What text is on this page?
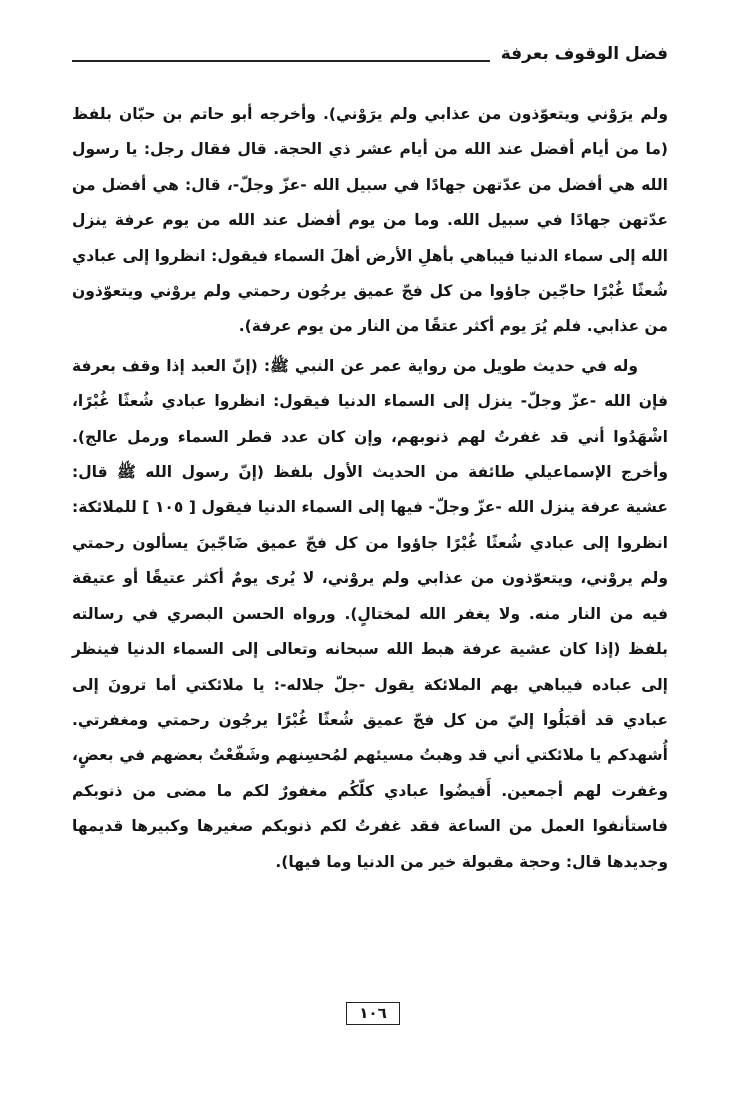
فضل الوقوف بعرفة

ولم يرَوْني ويتعوّذون من عذابي ولم يرَوْني). وأخرجه أبو حاتم بن حبّان بلفظ (ما من أيام أفضل عند الله من أيام عشر ذي الحجة. قال فقال رجل: يا رسول الله هي أفضل من عدّتهن جهادًا في سبيل الله -عزّ وجلّ-، قال: هي أفضل من عدّتهن جهادًا في سبيل الله. وما من يوم أفضل عند الله من يوم عرفة ينزل الله إلى سماء الدنيا فيباهي بأهلِ الأرض أهلَ السماء فيقول: انظروا إلى عبادي شُعثًا غُبْرًا حاجّين جاؤوا من كل فجّ عميق يرجُون رحمتي ولم يروْني ويتعوّذون من عذابي. فلم يُرَ يوم أكثر عتقًا من النار من يوم عرفة).

وله في حديث طويل من رواية عمر عن النبي ﷺ: (إنّ العبد إذا وقف بعرفة فإن الله -عزّ وجلّ- ينزل إلى السماء الدنيا فيقول: انظروا عبادي شُعثًا غُبْرًا، اشْهَدُوا أني قد غفرتُ لهم ذنوبهم، وإن كان عدد قطر السماء ورمل عالج). وأخرج الإسماعيلي طائفة من الحديث الأول بلفظ (إنّ رسول الله ﷺ قال: عشية عرفة ينزل الله -عزّ وجلّ- فيها إلى السماء الدنيا فيقول [ ١٠٥ ] للملائكة: انظروا إلى عبادي شُعثًا غُبْرًا جاؤوا من كل فجّ عميق ضَاجّينَ يسألون رحمتي ولم يروْني، ويتعوّذون من عذابي ولم يروْني، لا يُرى يومٌ أكثر عتيقًا أو عتيقة فيه من النار منه. ولا يغفر الله لمختالٍ). ورواه الحسن البصري في رسالته بلفظ (إذا كان عشية عرفة هبط الله سبحانه وتعالى إلى السماء الدنيا فينظر إلى عباده فيباهي بهم الملائكة يقول -جلّ جلاله-: يا ملائكتي أما ترونَ إلى عبادي قد أقبَلُوا إليّ من كل فجّ عميق شُعثًا غُبْرًا يرجُون رحمتي ومغفرتي. أُشهدكم يا ملائكتي أني قد وهبتُ مسيئهم لمُحسِنهم وشَفّعْتُ بعضهم في بعضٍ، وغفرت لهم أجمعين. أَفيضُوا عبادي كلّكُم مغفورٌ لكم ما مضى من ذنوبكم فاستأنفوا العمل من الساعة فقد غفرتُ لكم ذنوبكم صغيرها وكبيرها قديمها وجديدها قال: وحجة مقبولة خير من الدنيا وما فيها).

١٠٦
